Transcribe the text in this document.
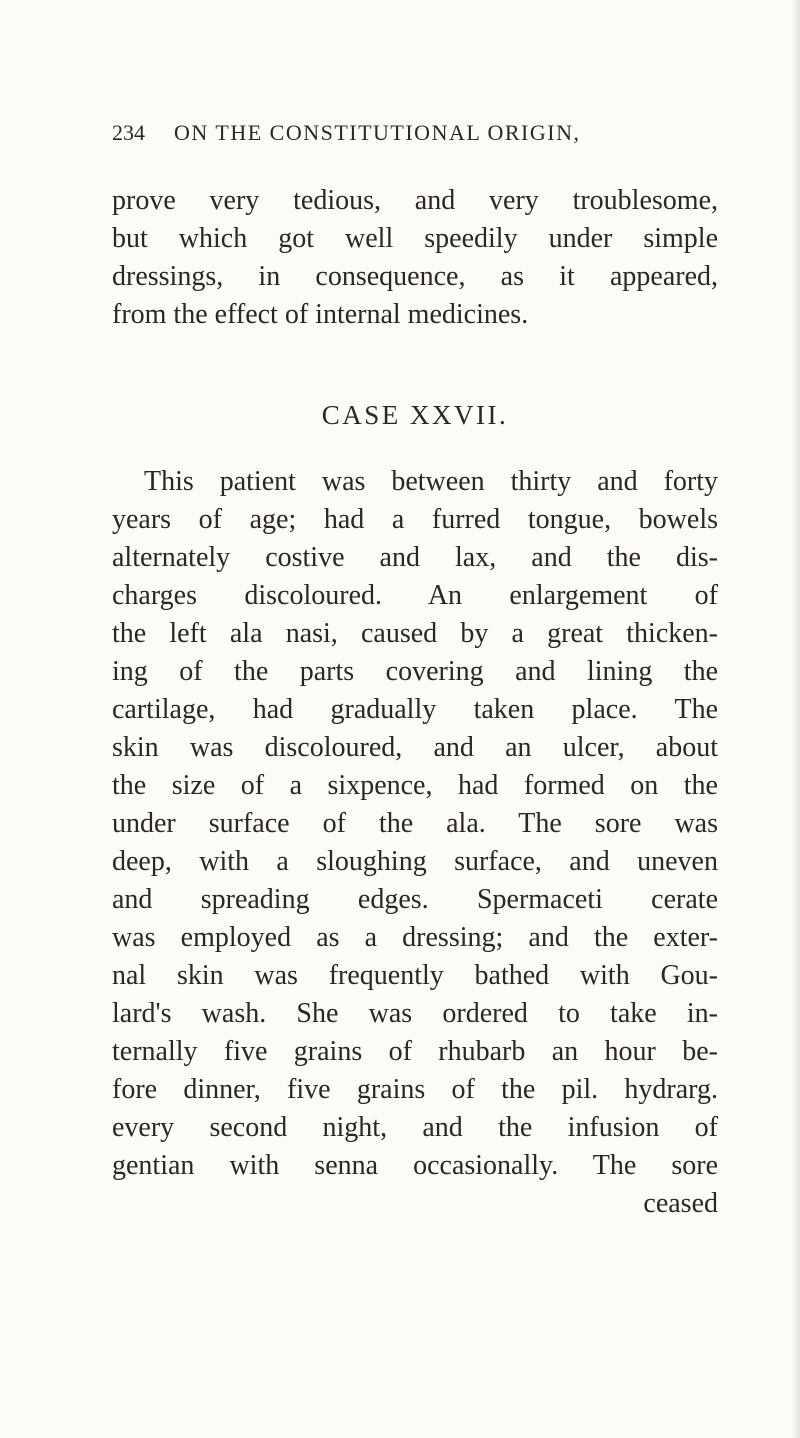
234 ON THE CONSTITUTIONAL ORIGIN,
prove very tedious, and very troublesome,
but which got well speedily under simple
dressings, in consequence, as it appeared,
from the effect of internal medicines.
CASE XXVII.
This patient was between thirty and forty
years of age; had a furred tongue, bowels
alternately costive and lax, and the dis-
charges discoloured. An enlargement of
the left ala nasi, caused by a great thicken-
ing of the parts covering and lining the
cartilage, had gradually taken place. The
skin was discoloured, and an ulcer, about
the size of a sixpence, had formed on the
under surface of the ala. The sore was
deep, with a sloughing surface, and uneven
and spreading edges. Spermaceti cerate
was employed as a dressing; and the exter-
nal skin was frequently bathed with Gou-
lard's wash. She was ordered to take in-
ternally five grains of rhubarb an hour be-
fore dinner, five grains of the pil. hydrarg.
every second night, and the infusion of
gentian with senna occasionally. The sore
ceased
